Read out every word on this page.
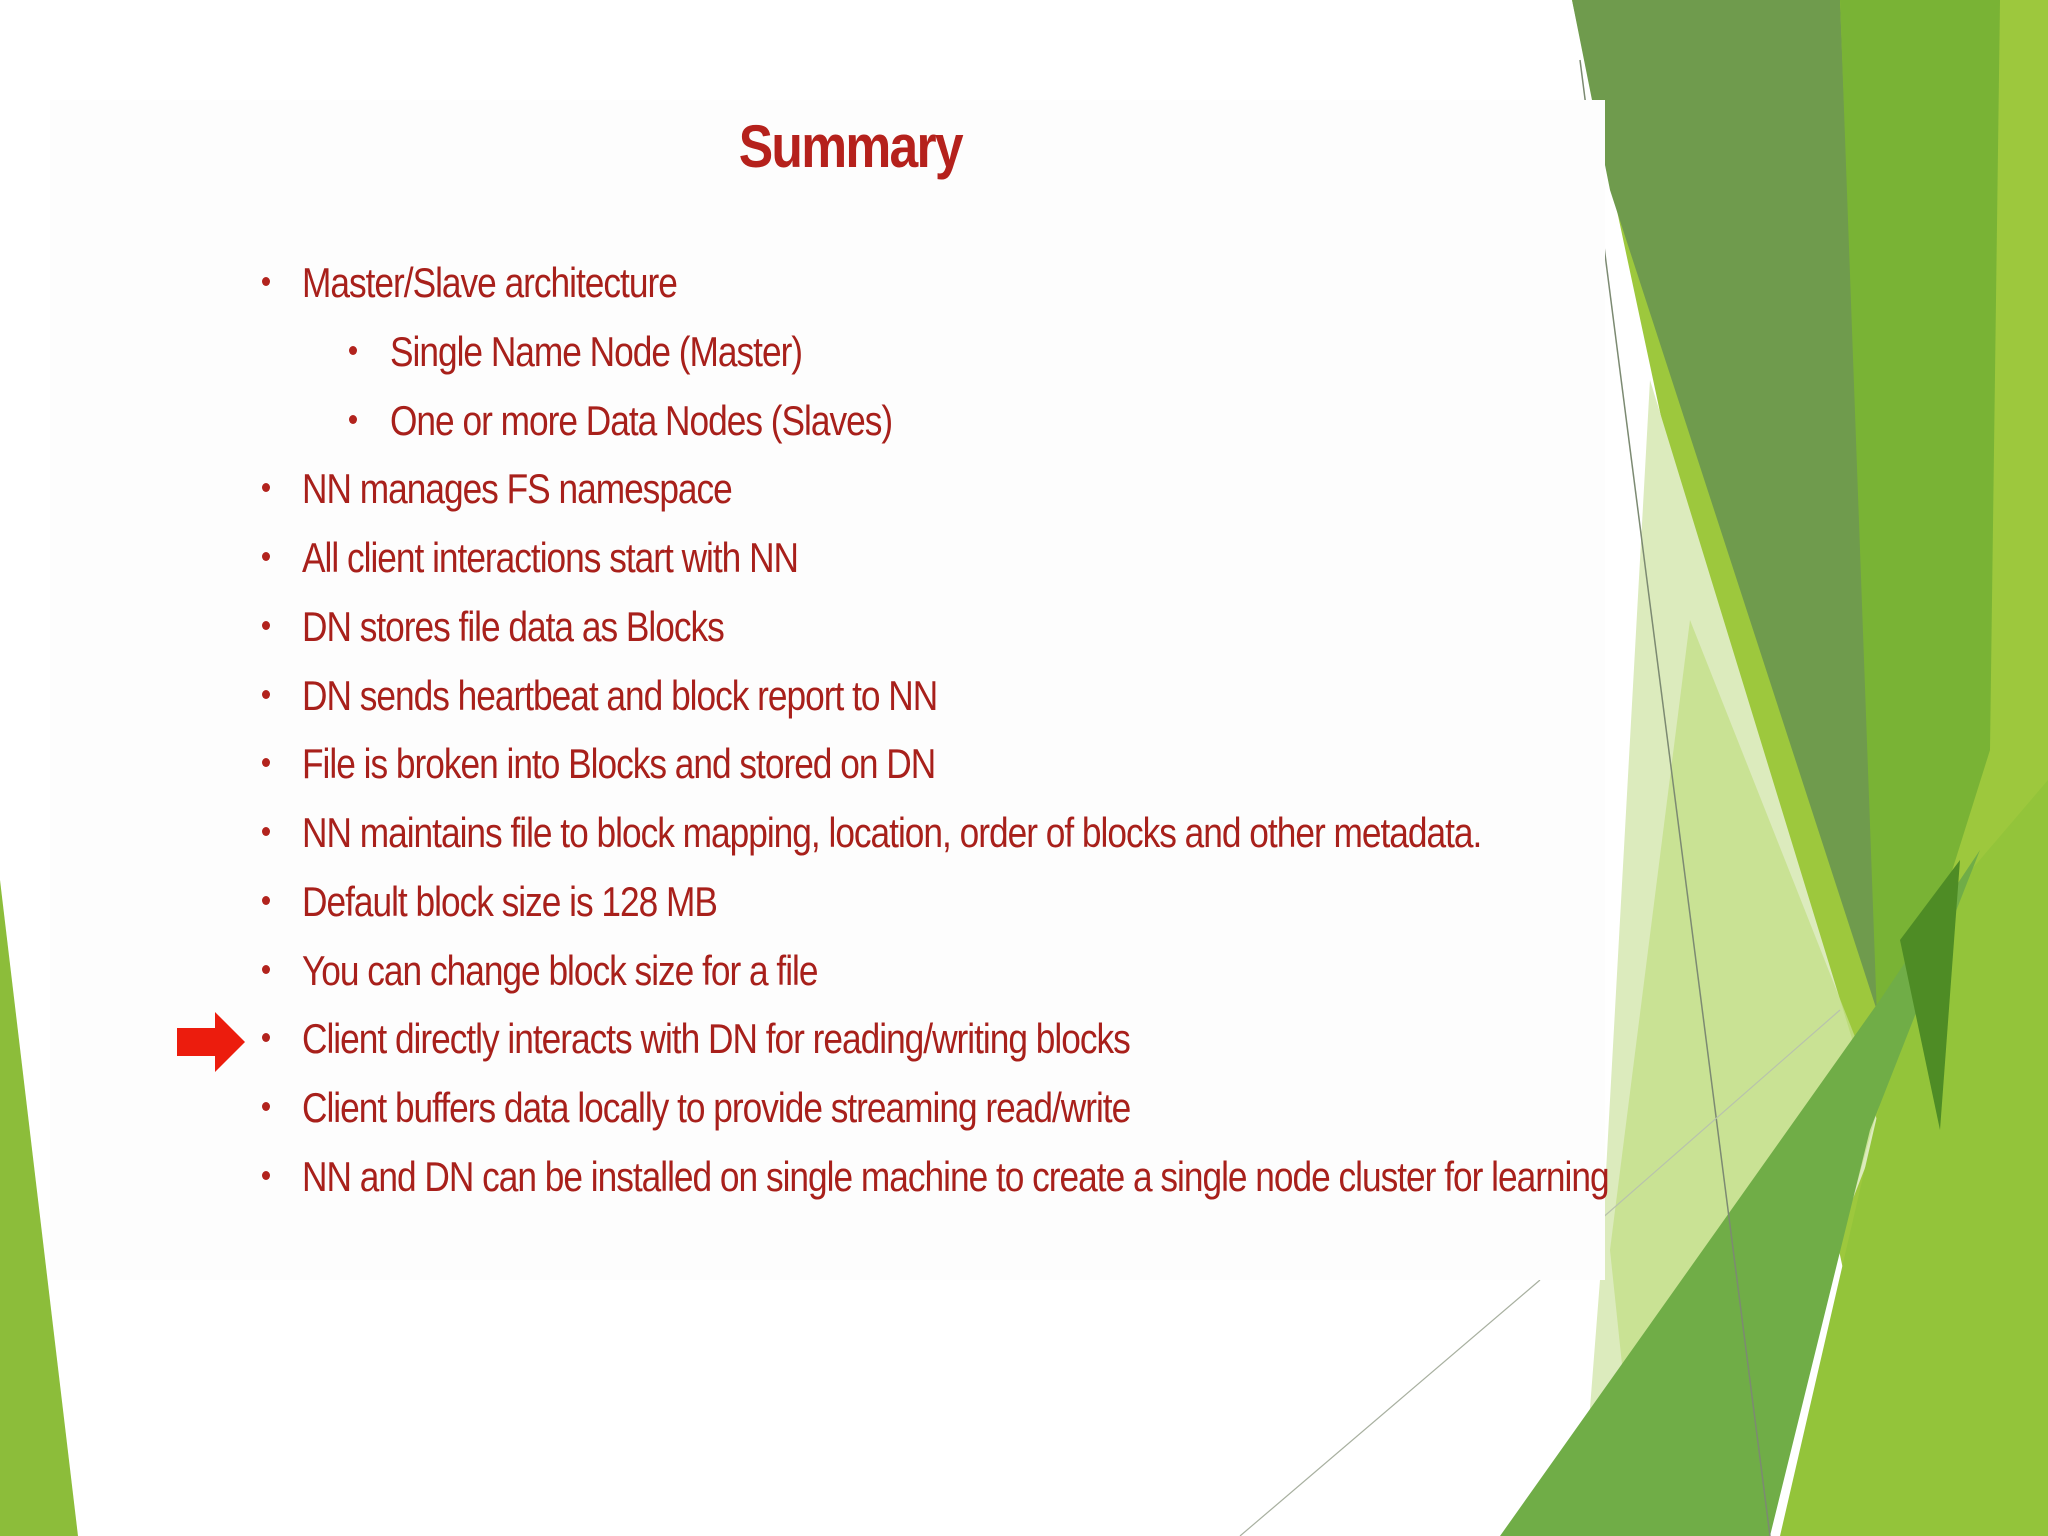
Summary
Master/Slave architecture
Single Name Node (Master)
One or more Data Nodes (Slaves)
NN manages FS namespace
All client interactions start with NN
DN stores file data as Blocks
DN sends heartbeat and block report to NN
File is broken into Blocks and stored on DN
NN maintains file to block mapping, location, order of blocks and other metadata.
Default block size is 128 MB
You can change block size for a file
Client directly interacts with DN for reading/writing blocks
Client buffers data locally to provide streaming read/write
NN and DN can be installed on single machine to create a single node cluster for learning
